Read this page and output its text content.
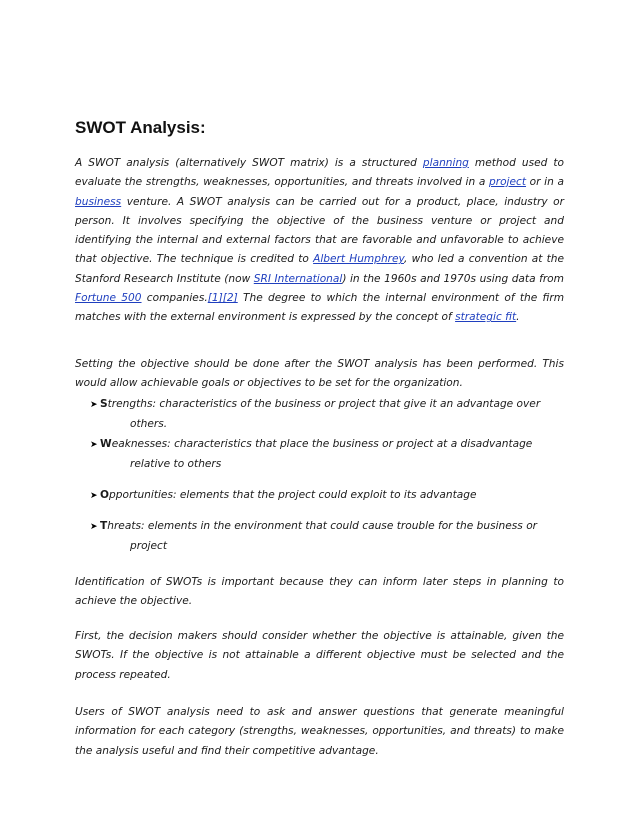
SWOT Analysis:

A SWOT analysis (alternatively SWOT matrix) is a structured planning method used to evaluate the strengths, weaknesses, opportunities, and threats involved in a project or in a business venture. A SWOT analysis can be carried out for a product, place, industry or person. It involves specifying the objective of the business venture or project and identifying the internal and external factors that are favorable and unfavorable to achieve that objective. The technique is credited to Albert Humphrey, who led a convention at the Stanford Research Institute (now SRI International) in the 1960s and 1970s using data from Fortune 500 companies.[1][2] The degree to which the internal environment of the firm matches with the external environment is expressed by the concept of strategic fit.

Setting the objective should be done after the SWOT analysis has been performed. This would allow achievable goals or objectives to be set for the organization.

➤ Strengths: characteristics of the business or project that give it an advantage over
others.
➤ Weaknesses: characteristics that place the business or project at a disadvantage
relative to others
➤ Opportunities: elements that the project could exploit to its advantage
➤ Threats: elements in the environment that could cause trouble for the business or
project

Identification of SWOTs is important because they can inform later steps in planning to achieve the objective.

First, the decision makers should consider whether the objective is attainable, given the SWOTs. If the objective is not attainable a different objective must be selected and the process repeated.

Users of SWOT analysis need to ask and answer questions that generate meaningful information for each category (strengths, weaknesses, opportunities, and threats) to make the analysis useful and find their competitive advantage.
